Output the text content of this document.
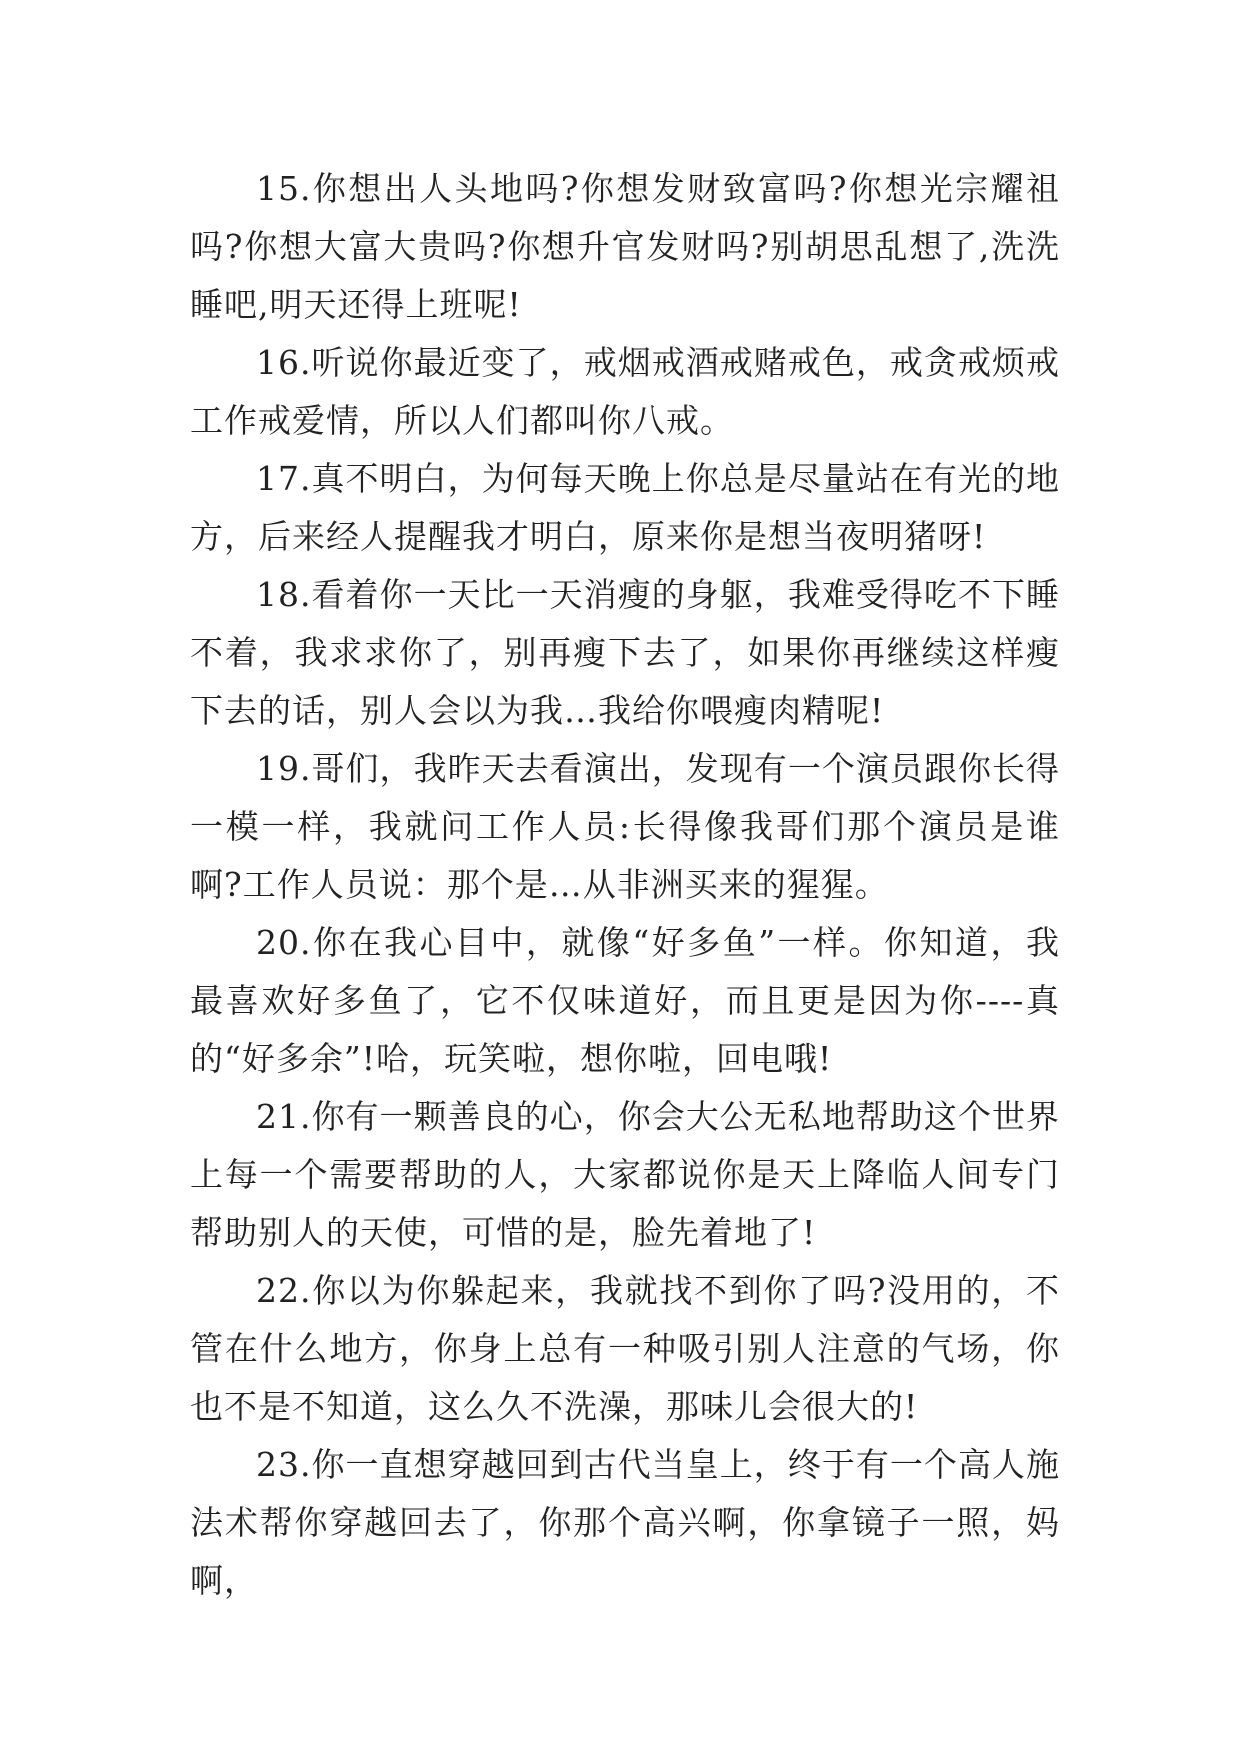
15.你想出人头地吗?你想发财致富吗?你想光宗耀祖吗?你想大富大贵吗?你想升官发财吗?别胡思乱想了,洗洗睡吧,明天还得上班呢!

16.听说你最近变了，戒烟戒酒戒赌戒色，戒贪戒烦戒工作戒爱情，所以人们都叫你八戒。

17.真不明白，为何每天晚上你总是尽量站在有光的地方，后来经人提醒我才明白，原来你是想当夜明猪呀!

18.看着你一天比一天消瘦的身躯，我难受得吃不下睡不着，我求求你了，别再瘦下去了，如果你再继续这样瘦下去的话，别人会以为我…我给你喂瘦肉精呢!

19.哥们，我昨天去看演出，发现有一个演员跟你长得一模一样，我就问工作人员:长得像我哥们那个演员是谁啊?工作人员说：那个是…从非洲买来的猩猩。

20.你在我心目中，就像“好多鱼”一样。你知道，我最喜欢好多鱼了，它不仅味道好，而且更是因为你----真的“好多余”!哈，玩笑啦，想你啦，回电哦!

21.你有一颗善良的心，你会大公无私地帮助这个世界上每一个需要帮助的人，大家都说你是天上降临人间专门帮助别人的天使，可惜的是，脸先着地了!

22.你以为你躲起来，我就找不到你了吗?没用的，不管在什么地方，你身上总有一种吸引别人注意的气场，你也不是不知道，这么久不洗澡，那味儿会很大的!

23.你一直想穿越回到古代当皇上，终于有一个高人施法术帮你穿越回去了，你那个高兴啊，你拿镜子一照，妈啊，
